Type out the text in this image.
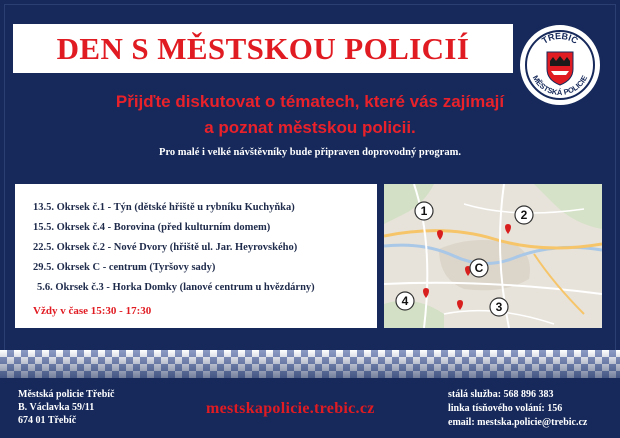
DEN S MĚSTSKOU POLICIÍ	TŘEBÍČ
MĚSTSKÁ POLICIE
Přijďte diskutovat o tématech, které vás zajímají
a poznat městskou policii.
Pro malé i velké návštěvníky bude připraven doprovodný program.
13.5. Okrsek č.1 - Týn (dětské hřiště u rybníku Kuchyňka)
15.5. Okrsek č.4 - Borovina (před kulturním domem)
22.5. Okrsek č.2 - Nové Dvory (hřiště ul. Jar. Heyrovského)
29.5. Okrsek C - centrum (Tyršovy sady)
5.6. Okrsek č.3 - Horka Domky (lanové centrum u hvězdárny)
Vždy v čase 15:30 - 17:30
1	2
C
4	3
Městská policie Třebíč
B. Václavka 59/11
674 01 Třebíč
mestskapolicie.trebic.cz
stálá služba: 568 896 383
linka tísňového volání: 156
email: mestska.policie@trebic.cz
